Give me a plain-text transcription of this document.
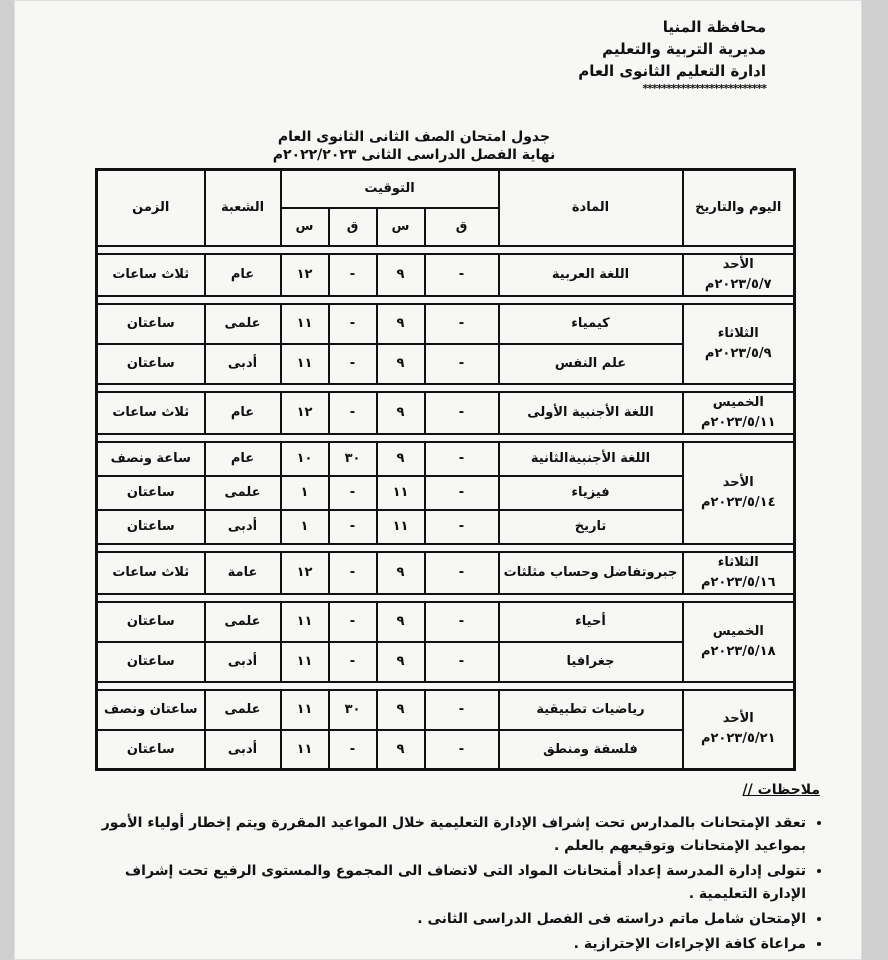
محافظة المنيا
مديرية التربية والتعليم
ادارة التعليم الثانوى العام
**************************
جدول امتحان الصف الثانى الثانوى العام
نهاية الفصل الدراسى الثانى ٢٠٢٢/٢٠٢٣م
اليوم والتاريخ	المادة	التوقيت				الشعبة	الزمن
		ق	س	ق	س		

الأحد
٢٠٢٣/٥/٧م	اللغة العربية	-	٩	-	١٢	عام	ثلاث ساعات

الثلاثاء
٢٠٢٣/٥/٩م	كيمياء	-	٩	-	١١	علمى	ساعتان
	علم النفس	-	٩	-	١١	أدبى	ساعتان

الخميس
٢٠٢٣/٥/١١م	اللغة الأجنبية الأولى	-	٩	-	١٢	عام	ثلاث ساعات

الأحد
٢٠٢٣/٥/١٤م	اللغة الأجنبيةالثانية	-	٩	٣٠	١٠	عام	ساعة ونصف
	فيزياء	-	١١	-	١	علمى	ساعتان
	تاريخ	-	١١	-	١	أدبى	ساعتان

الثلاثاء
٢٠٢٣/٥/١٦م	جبروتفاضل وحساب مثلثات	-	٩	-	١٢	عامة	ثلاث ساعات

الخميس
٢٠٢٣/٥/١٨م	أحياء	-	٩	-	١١	علمى	ساعتان
	جغرافيا	-	٩	-	١١	أدبى	ساعتان

الأحد
٢٠٢٣/٥/٢١م	رياضيات تطبيقية	-	٩	٣٠	١١	علمى	ساعتان ونصف
	فلسفة ومنطق	-	٩	-	١١	أدبى	ساعتان
ملاحظات //
• تعقد الإمتحانات بالمدارس تحت إشراف الإدارة التعليمية خلال المواعيد المقررة ويتم إخطار أولياء الأمور بمواعيد الإمتحانات وتوقيعهم بالعلم .
• تتولى إدارة المدرسة إعداد أمتحانات المواد التى لاتضاف الى المجموع والمستوى الرفيع تحت إشراف الإدارة التعليمية .
• الإمتحان شامل ماتم دراسته فى الفصل الدراسى الثانى .
• مراعاة كافة الإجراءات الإحترازية .
